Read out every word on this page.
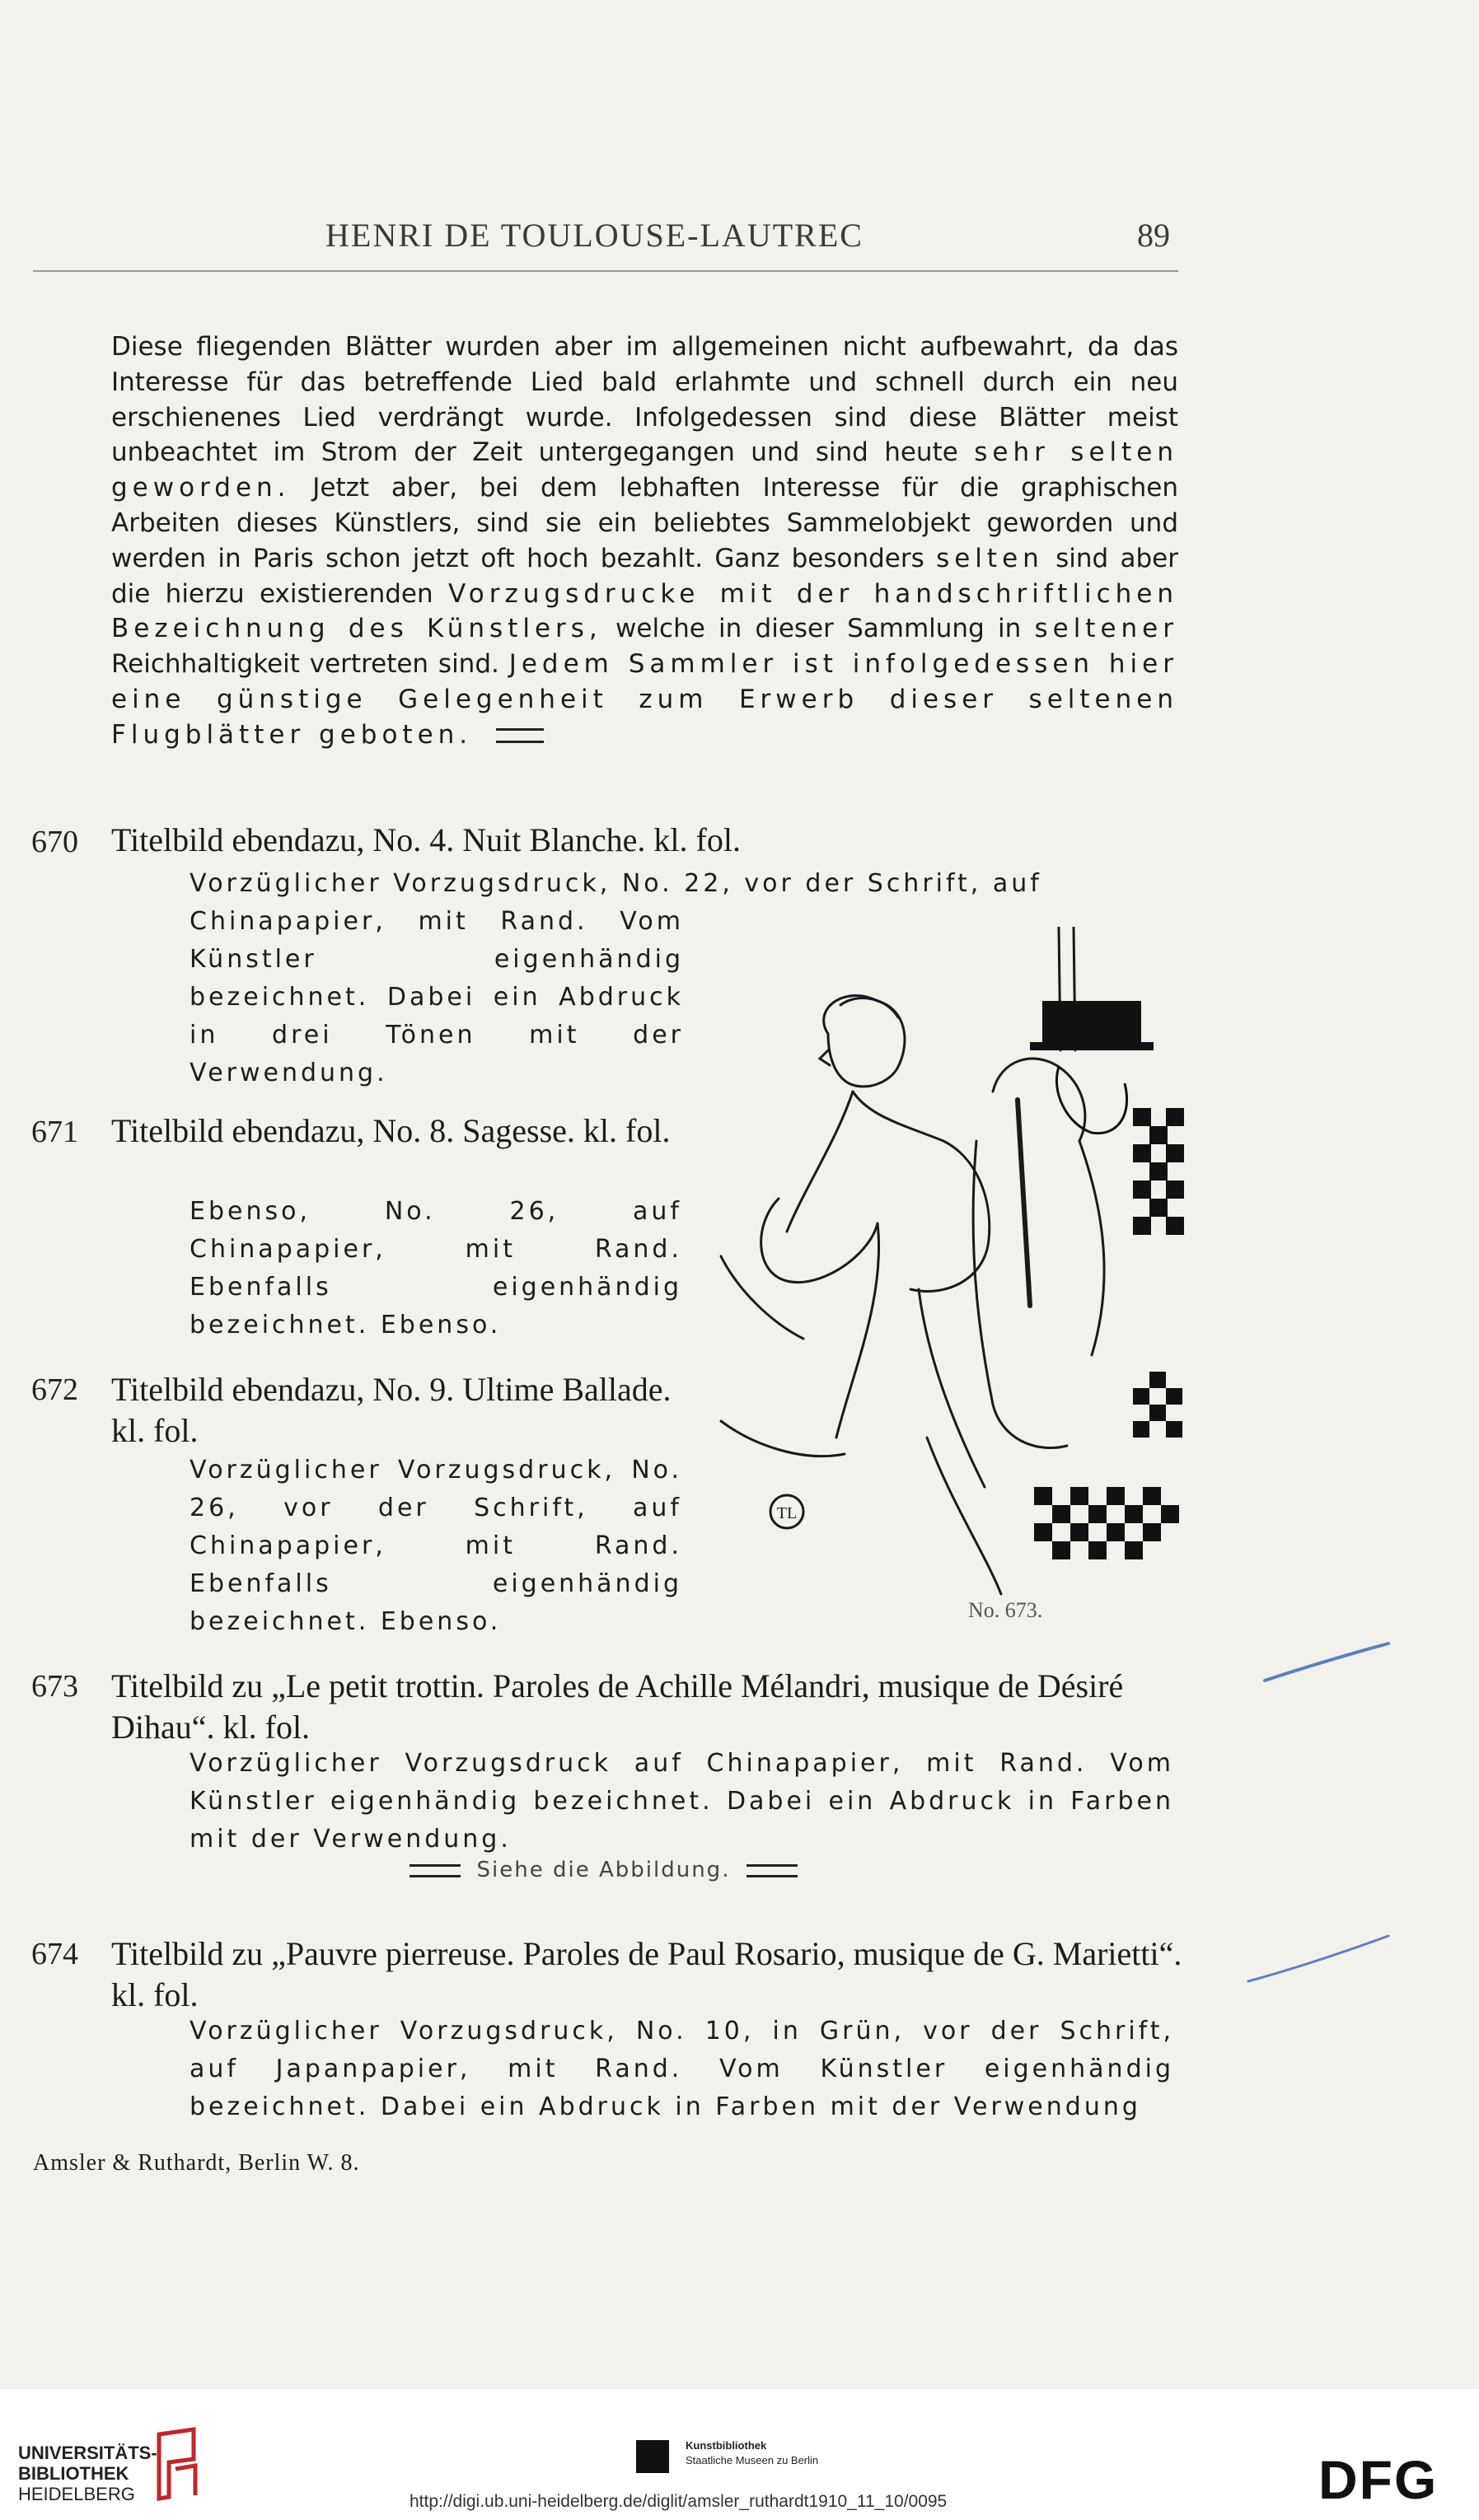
HENRI DE TOULOUSE-LAUTREC	89
Diese fliegenden Blätter wurden aber im allgemeinen nicht aufbewahrt, da das Interesse für das betreffende Lied bald erlahmte und schnell durch ein neu erschienenes Lied verdrängt wurde. Infolgedessen sind diese Blätter meist unbeachtet im Strom der Zeit untergegangen und sind heute sehr selten geworden. Jetzt aber, bei dem lebhaften Interesse für die graphischen Arbeiten dieses Künstlers, sind sie ein beliebtes Sammelobjekt geworden und werden in Paris schon jetzt oft hoch bezahlt. Ganz besonders selten sind aber die hierzu existierenden Vorzugsdrucke mit der handschriftlichen Bezeichnung des Künstlers, welche in dieser Sammlung in seltener Reichhaltigkeit vertreten sind. Jedem Sammler ist infolgedessen hier eine günstige Gelegenheit zum Erwerb dieser seltenen Flugblätter geboten.
670 Titelbild ebendazu, No. 4. Nuit Blanche. kl. fol.
Vorzüglicher Vorzugsdruck, No. 22, vor der Schrift, auf
Chinapapier, mit Rand. Vom Künstler eigenhändig bezeichnet. Dabei ein Abdruck in drei Tönen mit der Verwendung.
671 Titelbild ebendazu, No. 8. Sagesse. kl. fol.
Ebenso, No. 26, auf Chinapapier, mit Rand. Ebenfalls eigenhändig bezeichnet. Ebenso.
672 Titelbild ebendazu, No. 9. Ultime Ballade. kl. fol.
Vorzüglicher Vorzugsdruck, No. 26, vor der Schrift, auf Chinapapier, mit Rand. Ebenfalls eigenhändig bezeichnet. Ebenso.
TL
No. 673.
673 Titelbild zu „Le petit trottin. Paroles de Achille Mélandri, musique de Désiré Dihau“. kl. fol.
Vorzüglicher Vorzugsdruck auf Chinapapier, mit Rand. Vom Künstler eigenhändig bezeichnet. Dabei ein Abdruck in Farben mit der Verwendung.
Siehe die Abbildung.
674 Titelbild zu „Pauvre pierreuse. Paroles de Paul Rosario, musique de G. Marietti“. kl. fol.
Vorzüglicher Vorzugsdruck, No. 10, in Grün, vor der Schrift, auf Japanpapier, mit Rand. Vom Künstler eigenhändig bezeichnet. Dabei ein Abdruck in Farben mit der Verwendung
Amsler & Ruthardt, Berlin W. 8.
UNIVERSITÄTS-
BIBLIOTHEK
HEIDELBERG
Kunstbibliothek
Staatliche Museen zu Berlin	DFG
http://digi.ub.uni-heidelberg.de/diglit/amsler_ruthardt1910_11_10/0095
